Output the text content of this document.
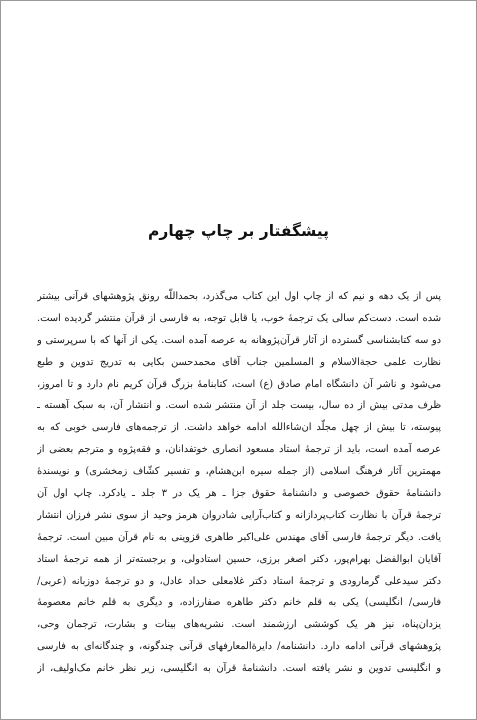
پیشگفتار بر چاپ چهارم
پس از یک دهه و نیم که از چاپ اول این کتاب می‌گذرد، بحمداللّه رونق پژوهشهای قرآنی بیشتر
شده است. دست‌کم سالی یک ترجمهٔ خوب، یا قابل توجه، به فارسی از قرآن منتشر گردیده است.
دو سه کتابشناسی گسترده از آثار قرآن‌پژوهانه به عرصه آمده است. یکی از آنها که با سرپرستی و
نظارت علمی حجةالاسلام و المسلمین جناب آقای محمدحسن بکایی به تدریج تدوین و طبع
می‌شود و ناشر آن دانشگاه امام صادق (ع) است، کتابنامهٔ بزرگ قرآن کریم نام دارد و تا امروز،
ظرف مدتی بیش از ده سال، بیست جلد از آن منتشر شده است. و انتشار آن، به سبک آهسته ـ
پیوسته، تا بیش از چهل مجلّد ان‌شاءالله ادامه خواهد داشت. از ترجمه‌های فارسی خوبی که به
عرصه آمده است، باید از ترجمهٔ استاد مسعود انصاری خوتفدانان، و فقه‌پژوه و مترجم بعضی از
مهمترین آثار فرهنگ اسلامی (از جمله سیره ابن‌هشام، و تفسیر کشّاف زمخشری) و نویسندهٔ
دانشنامهٔ حقوق خصوصی و دانشنامهٔ حقوق جزا ـ هر یک در ۳ جلد ـ یادکرد. چاپ اول آن
ترجمهٔ قرآن با نظارت کتاب‌پردازانه و کتاب‌آرایی شادروان هرمز وحید از سوی نشر فرزان انتشار
یافت. دیگر ترجمهٔ فارسی آقای مهندس علی‌اکبر طاهری قزوینی به نام قرآن مبین است. ترجمهٔ
آقایان ابوالفضل بهرام‌پور، دکتر اصغر برزی، حسین استادولی، و برجسته‌تر از همه ترجمهٔ استاد
دکتر سیدعلی گرمارودی و ترجمهٔ استاد دکتر غلامعلی حداد عادل، و دو ترجمهٔ دوزبانه (عربی/
فارسی/ انگلیسی) یکی به قلم خانم دکتر طاهره صفارزاده، و دیگری به قلم خانم معصومهٔ
یزدان‌پناه، نیز هر یک کوششی ارزشمند است. نشریه‌های بینات و بشارت، ترجمان وحی،
پژوهشهای قرآنی ادامه دارد. دانشنامه/ دایرةالمعارفهای قرآنی چندگونه، و چندگانه‌ای به فارسی
و انگلیسی تدوین و نشر یافته است. دانشنامهٔ قرآن به انگلیسی، زیر نظر خانم مک‌اولیف، از
